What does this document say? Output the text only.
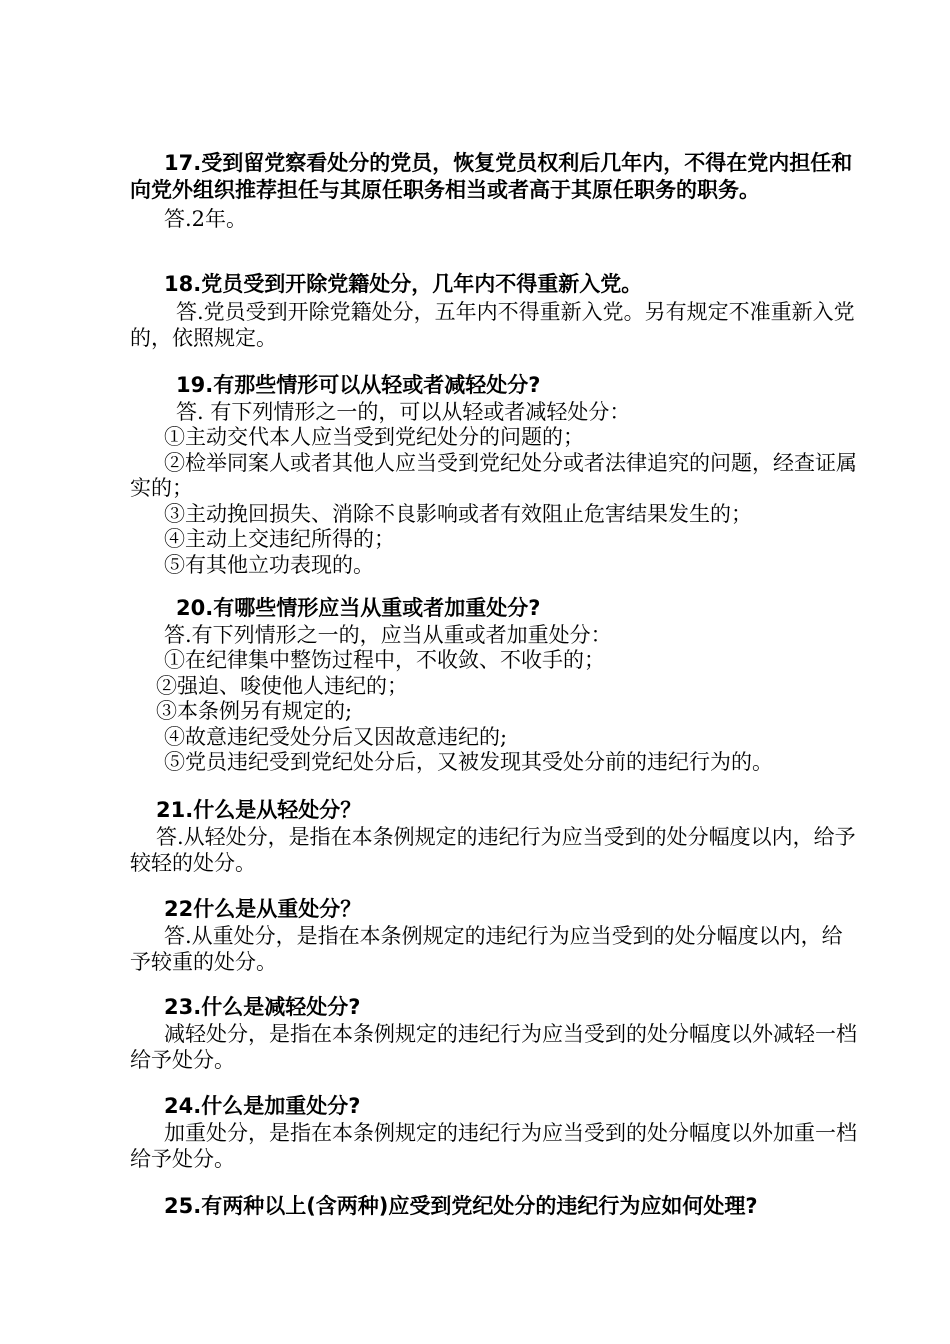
17.受到留党察看处分的党员，恢复党员权利后几年内，不得在党内担任和向党外组织推荐担任与其原任职务相当或者高于其原任职务的职务。

答.2年。

18.党员受到开除党籍处分，几年内不得重新入党。

答.党员受到开除党籍处分，五年内不得重新入党。另有规定不准重新入党的，依照规定。

19.有那些情形可以从轻或者减轻处分?

答. 有下列情形之一的，可以从轻或者减轻处分：

①主动交代本人应当受到党纪处分的问题的；

②检举同案人或者其他人应当受到党纪处分或者法律追究的问题，经查证属实的；

③主动挽回损失、消除不良影响或者有效阻止危害结果发生的；

④主动上交违纪所得的；

⑤有其他立功表现的。

20.有哪些情形应当从重或者加重处分?

答.有下列情形之一的，应当从重或者加重处分：

①在纪律集中整饬过程中，不收敛、不收手的；

②强迫、唆使他人违纪的；

③本条例另有规定的;

④故意违纪受处分后又因故意违纪的;

⑤党员违纪受到党纪处分后，又被发现其受处分前的违纪行为的。

21.什么是从轻处分？

答.从轻处分，是指在本条例规定的违纪行为应当受到的处分幅度以内，给予较轻的处分。

22什么是从重处分？

答.从重处分，是指在本条例规定的违纪行为应当受到的处分幅度以内，给予较重的处分。

23.什么是减轻处分?

减轻处分，是指在本条例规定的违纪行为应当受到的处分幅度以外减轻一档给予处分。

24.什么是加重处分?

加重处分，是指在本条例规定的违纪行为应当受到的处分幅度以外加重一档给予处分。

25.有两种以上(含两种)应受到党纪处分的违纪行为应如何处理?
